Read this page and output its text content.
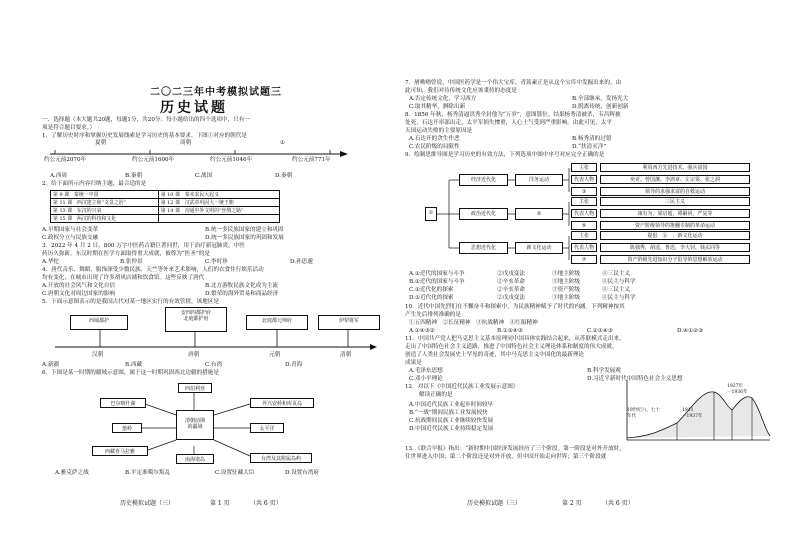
二〇二三年中考模拟试题三
历史试题
一、选择题（本大题共20题，每题1分，共20分。每小题给出的四个选项中，只有一
项是符合题目要求。）
1．了解历史时序和掌握历史发展线索是学习历史的基本要求。下图①对应的朝代是
夏朝	商朝	①
约公元前2070年	约公元前1600年	约公元前1046年	约公元前771年
A.西周	B.秦朝	C.战国	D.秦朝
2．给下面所示内容归纳主题，最合适的是
第 9 课　秦统一中国	第 10 课　秦末农民大起义
第 11 课　西汉建立和“文景之治”	第 12 课　汉武帝巩固大一统王朝
第 13 课　东汉的兴衰	第 14 课　沟通中外文明的“丝绸之路”
第 15 课　两汉的科技和文化	
A.早期国家与社会变革	B.统一多民族国家的建立和巩固
C.政权分立与民族交融	D.统一多民族国家的巩固和发展
3．2022 年 4 月 2 日，800 万字中医药古籍巨著问世，用于治疗新冠肺炎，中医
药历久弥新。东汉时期在医学方面取得重大成就，被尊为“医圣”的是
A.华佗	B.张仲景	C.李时珍	D.孙思邈
4．唐代音乐、舞蹈、服饰深受少数民族、天竺等外来艺术影响，人们的衣食住行娱乐活动
均有变化，在城市出现了许多胡风店铺和饮食馆。这些反映了唐代
A.开放的社会风气和文化自信	B.北方游牧民族文化成为主流
C.唐朝文化对周边国家的影响	D.繁荣的海外贸易和商品经济
5．下面示意图表示的是我国古代对某一地区实行的有效管辖，该地区是
西域都护
安西四都护府
北庭都护府	北庭都元帅府	伊犁将军
汉朝	唐朝	元朝	清朝
A.新疆	B.西藏	C.台湾	D.青海
6．下图是某一时期的疆域示意图，属于这一时期巩固西北边疆的措施是
西伯利亚
巴尔喀什湖	外兴安岭和库页岛
葱岭	太平洋
西藏喜马拉雅
南海诸岛	台湾及其附属岛屿
清朝前期
的疆域
A.雅克萨之战	B.平定准噶尔叛乱	C.设置驻藏大臣	D.设置台湾府
历史模拟试题（三）	第 1 页	（共 6 页）
7．屠呦呦曾说，中国医药学是一个伟大宝库，青蒿素正是从这个宝库中发掘出来的。由
此可知，我们对待传统文化应该秉持的态度是
A.否定传统文化，学习西方	B.全部继承，发扬光大
C.取其精华，摒除出新	D.脱离传统，创新创新
8．1856 年秋，杨秀清逼洪秀全封他为“万岁”，意图篡位。结果杨秀清被杀，韦昌辉被
处死，石达开率部出走，太平军损失惨重，人心士气受到严重影响。由此可见，太平
天国运动失败的主要原因是
A.石达开的贪生作恶	B.杨秀清的过错
C.农民阶级的局限性	D.“扶清灭洋”
9．绘制思维导图是学习历史的有效方法，下列选项中图中序号对应完全正确的是
①
经济近代化
政治近代化
思想近代化
洋务运动
②
新文化运动
主张	利用西方先进技术，强兵富国
代表人物	奕䜣、曾国藩、李鸿章、左宗棠、张之洞
③	领导的求强求富的自救运动
主张	三民主义
代表人物	康有为，梁启超，谭嗣同，严复等
⑤	资产阶级领导的推翻专制的革命运动
主张	提倡　⑥　，新文化运动
代表人物	陈独秀，胡适，鲁迅，李大钊，钱玄同等
⑦	资产阶级先进知识分子倡导的思想解放运动
A.①近代的国家与斗争	②戊戌变法	③地主阶级	④三民主义
B.①近代的国家与斗争	②辛亥革命	③地主阶级	④民主与科学
C.①近代化的探索	②辛亥革命	③资产阶级	④三民主义
D.①近代化的探索	②戊戌变法	③地主阶级	④民主与科学
10．近代中国先烈们在不懈奋斗和探索中，为民族精神赋予了时代的内涵。下列精神按其
产生先后排列准确的是
①五四精神　②长征精神　③抗战精神　④红船精神
A.①④③②	B.①②④③	C.②①④③	D.④①②③
11．中国共产党人把马克思主义基本原理同中国具体实践结合起来，从苏联模式走出来，
走出了中国特色社会主义道路，推进了中国特色社会主义理论体系和制度的伟大成就，
创造了人类社会发展史上罕见的奇迹，其中马克思主义中国化的最新理论
成果是
A.毛泽东思想	B.科学发展观
C.邓小平理论	D.习近平新时代中国特色社会主义思想
12．对以下《中国近代民族工业发展示意图》
解读正确的是
A.中国近代民族工业起步时间较早
B.“一战”期间民族工业发展较快
C.抗战期间民族工业继续较快发展
D.中国近代民族工业持续稳定发展
19世纪六、七十年代
1911
一1937年
1927年
一1936年
13．《联合早报》指出：“新时期中国经济发展经历了三个阶段。第一阶段是对外开放时，
往世界进入中国；第二个阶段还是对外开放，但中国开始走向世界；第三个阶段就
历史模拟试题（三）	第 2 页	（共 6 页）
